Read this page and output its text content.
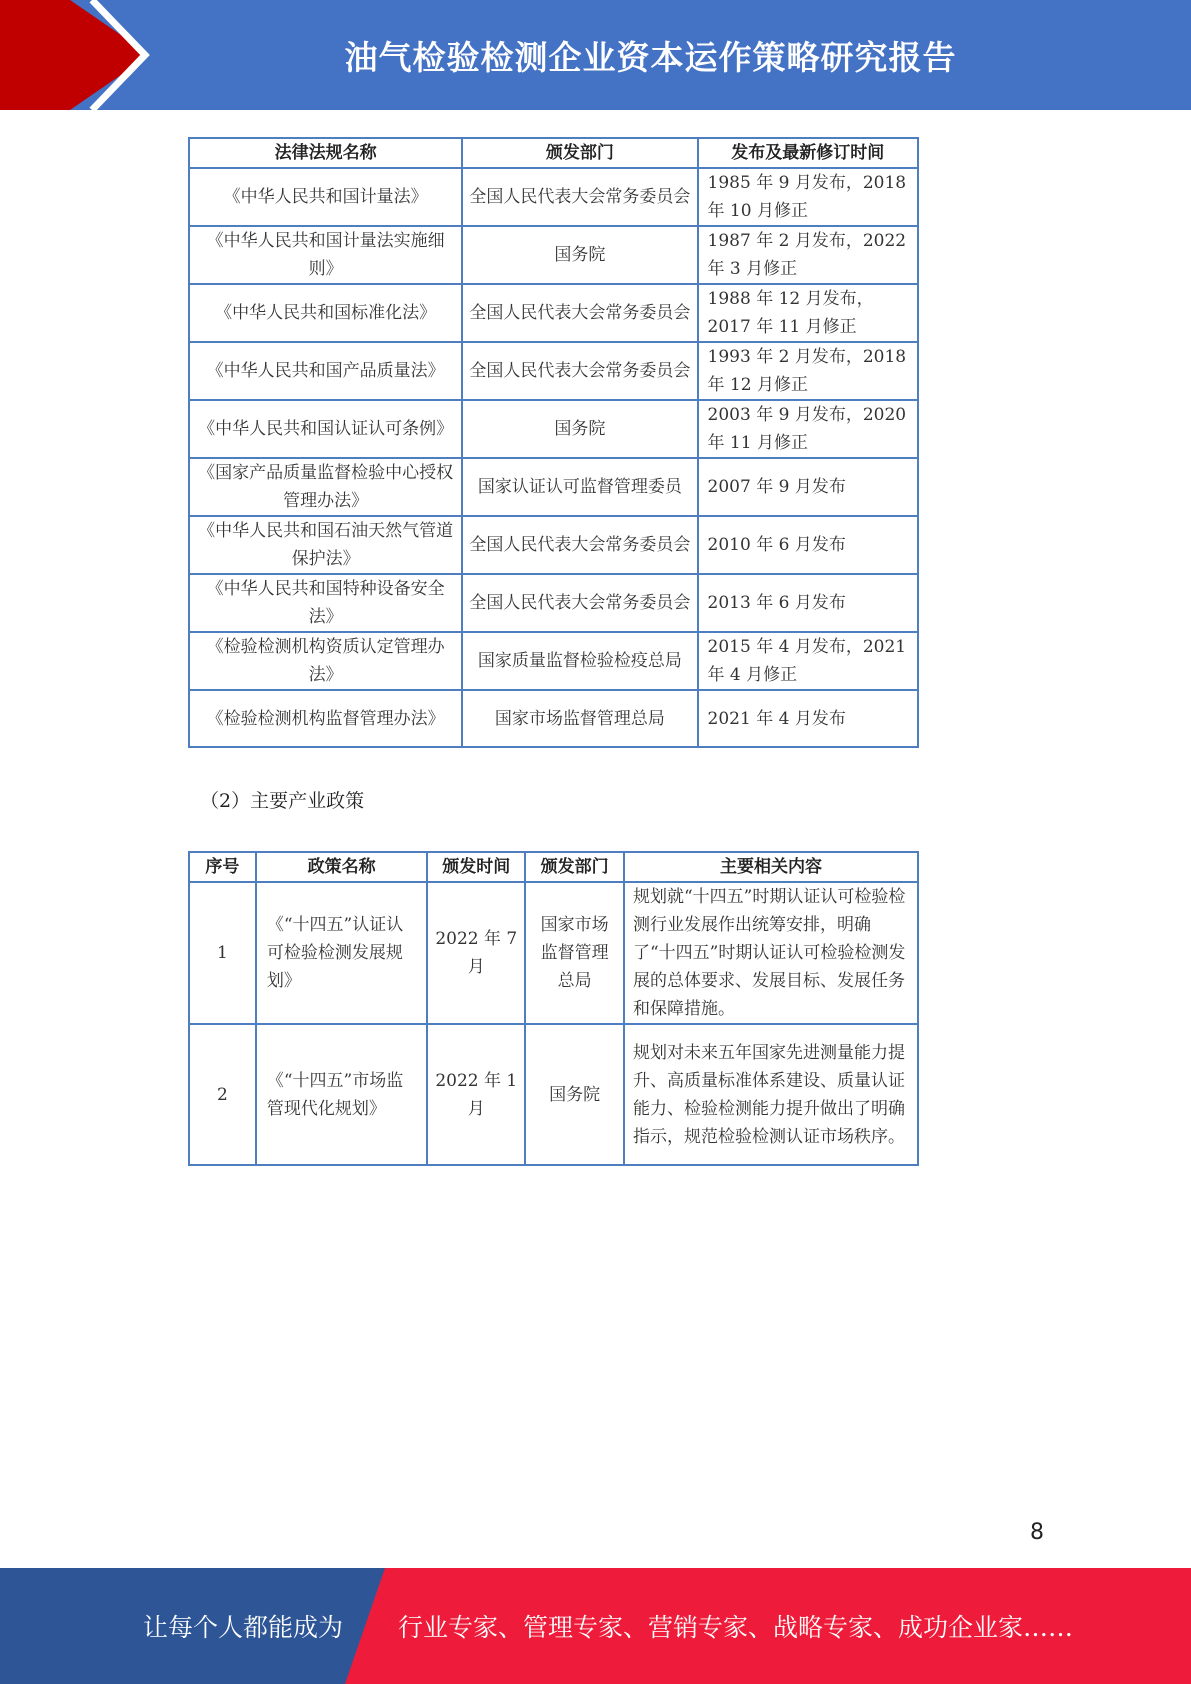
油气检验检测企业资本运作策略研究报告
法律法规名称	颁发部门	发布及最新修订时间
《中华人民共和国计量法》	全国人民代表大会常务委员会	1985 年 9 月发布，2018 年 10 月修正
《中华人民共和国计量法实施细则》	国务院	1987 年 2 月发布，2022 年 3 月修正
《中华人民共和国标准化法》	全国人民代表大会常务委员会	1988 年 12 月发布，2017 年 11 月修正
《中华人民共和国产品质量法》	全国人民代表大会常务委员会	1993 年 2 月发布，2018 年 12 月修正
《中华人民共和国认证认可条例》	国务院	2003 年 9 月发布，2020 年 11 月修正
《国家产品质量监督检验中心授权管理办法》	国家认证认可监督管理委员	2007 年 9 月发布
《中华人民共和国石油天然气管道保护法》	全国人民代表大会常务委员会	2010 年 6 月发布
《中华人民共和国特种设备安全法》	全国人民代表大会常务委员会	2013 年 6 月发布
《检验检测机构资质认定管理办法》	国家质量监督检验检疫总局	2015 年 4 月发布，2021 年 4 月修正
《检验检测机构监督管理办法》	国家市场监督管理总局	2021 年 4 月发布
（2）主要产业政策
序号	政策名称	颁发时间	颁发部门	主要相关内容
1	《“十四五”认证认可检验检测发展规划》	2022 年 7 月	国家市场监督管理总局	规划就“十四五”时期认证认可检验检测行业发展作出统筹安排，明确了“十四五”时期认证认可检验检测发展的总体要求、发展目标、发展任务和保障措施。
2	《“十四五”市场监管现代化规划》	2022 年 1 月	国务院	规划对未来五年国家先进测量能力提升、高质量标准体系建设、质量认证能力、检验检测能力提升做出了明确指示，规范检验检测认证市场秩序。
8
让每个人都能成为 行业专家、管理专家、营销专家、战略专家、成功企业家……
